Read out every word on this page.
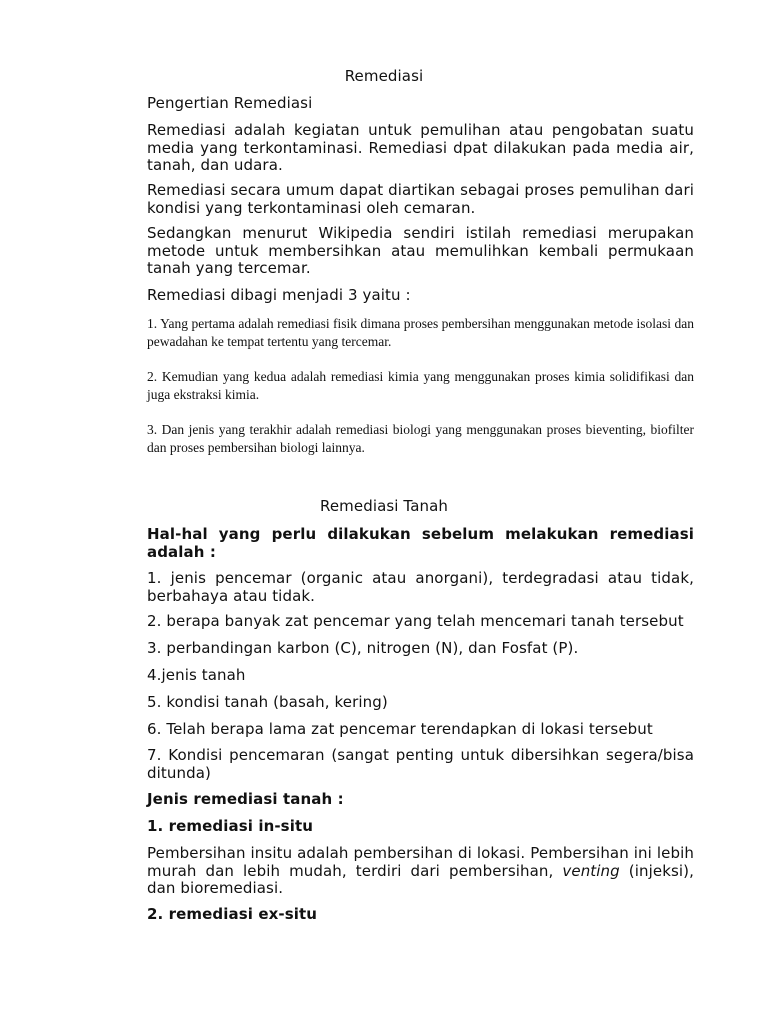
Remediasi

Pengertian Remediasi

Remediasi adalah kegiatan untuk pemulihan atau pengobatan suatu media yang terkontaminasi. Remediasi dpat dilakukan pada media air, tanah, dan udara.

Remediasi secara umum dapat diartikan sebagai proses pemulihan dari kondisi yang terkontaminasi oleh cemaran.

Sedangkan menurut Wikipedia sendiri istilah remediasi merupakan metode untuk membersihkan atau memulihkan kembali permukaan tanah yang tercemar.

Remediasi dibagi menjadi 3 yaitu :

1. Yang pertama adalah remediasi fisik dimana proses pembersihan menggunakan metode isolasi dan pewadahan ke tempat tertentu yang tercemar.

2. Kemudian yang kedua adalah remediasi kimia yang menggunakan proses kimia solidifikasi dan juga ekstraksi kimia.

3. Dan jenis yang terakhir adalah remediasi biologi yang menggunakan proses bieventing, biofilter dan proses pembersihan biologi lainnya.

Remediasi Tanah

Hal-hal yang perlu dilakukan sebelum melakukan remediasi adalah :

1. jenis pencemar (organic atau anorgani), terdegradasi atau tidak, berbahaya atau tidak.

2. berapa banyak zat pencemar yang telah mencemari tanah tersebut

3. perbandingan karbon (C), nitrogen (N), dan Fosfat (P).

4.jenis tanah

5. kondisi tanah (basah, kering)

6. Telah berapa lama zat pencemar terendapkan di lokasi tersebut

7. Kondisi pencemaran (sangat penting untuk dibersihkan segera/bisa ditunda)

Jenis remediasi tanah :

1. remediasi in-situ

Pembersihan insitu adalah pembersihan di lokasi. Pembersihan ini lebih murah dan lebih mudah, terdiri dari pembersihan, venting (injeksi), dan bioremediasi.

2. remediasi ex-situ
